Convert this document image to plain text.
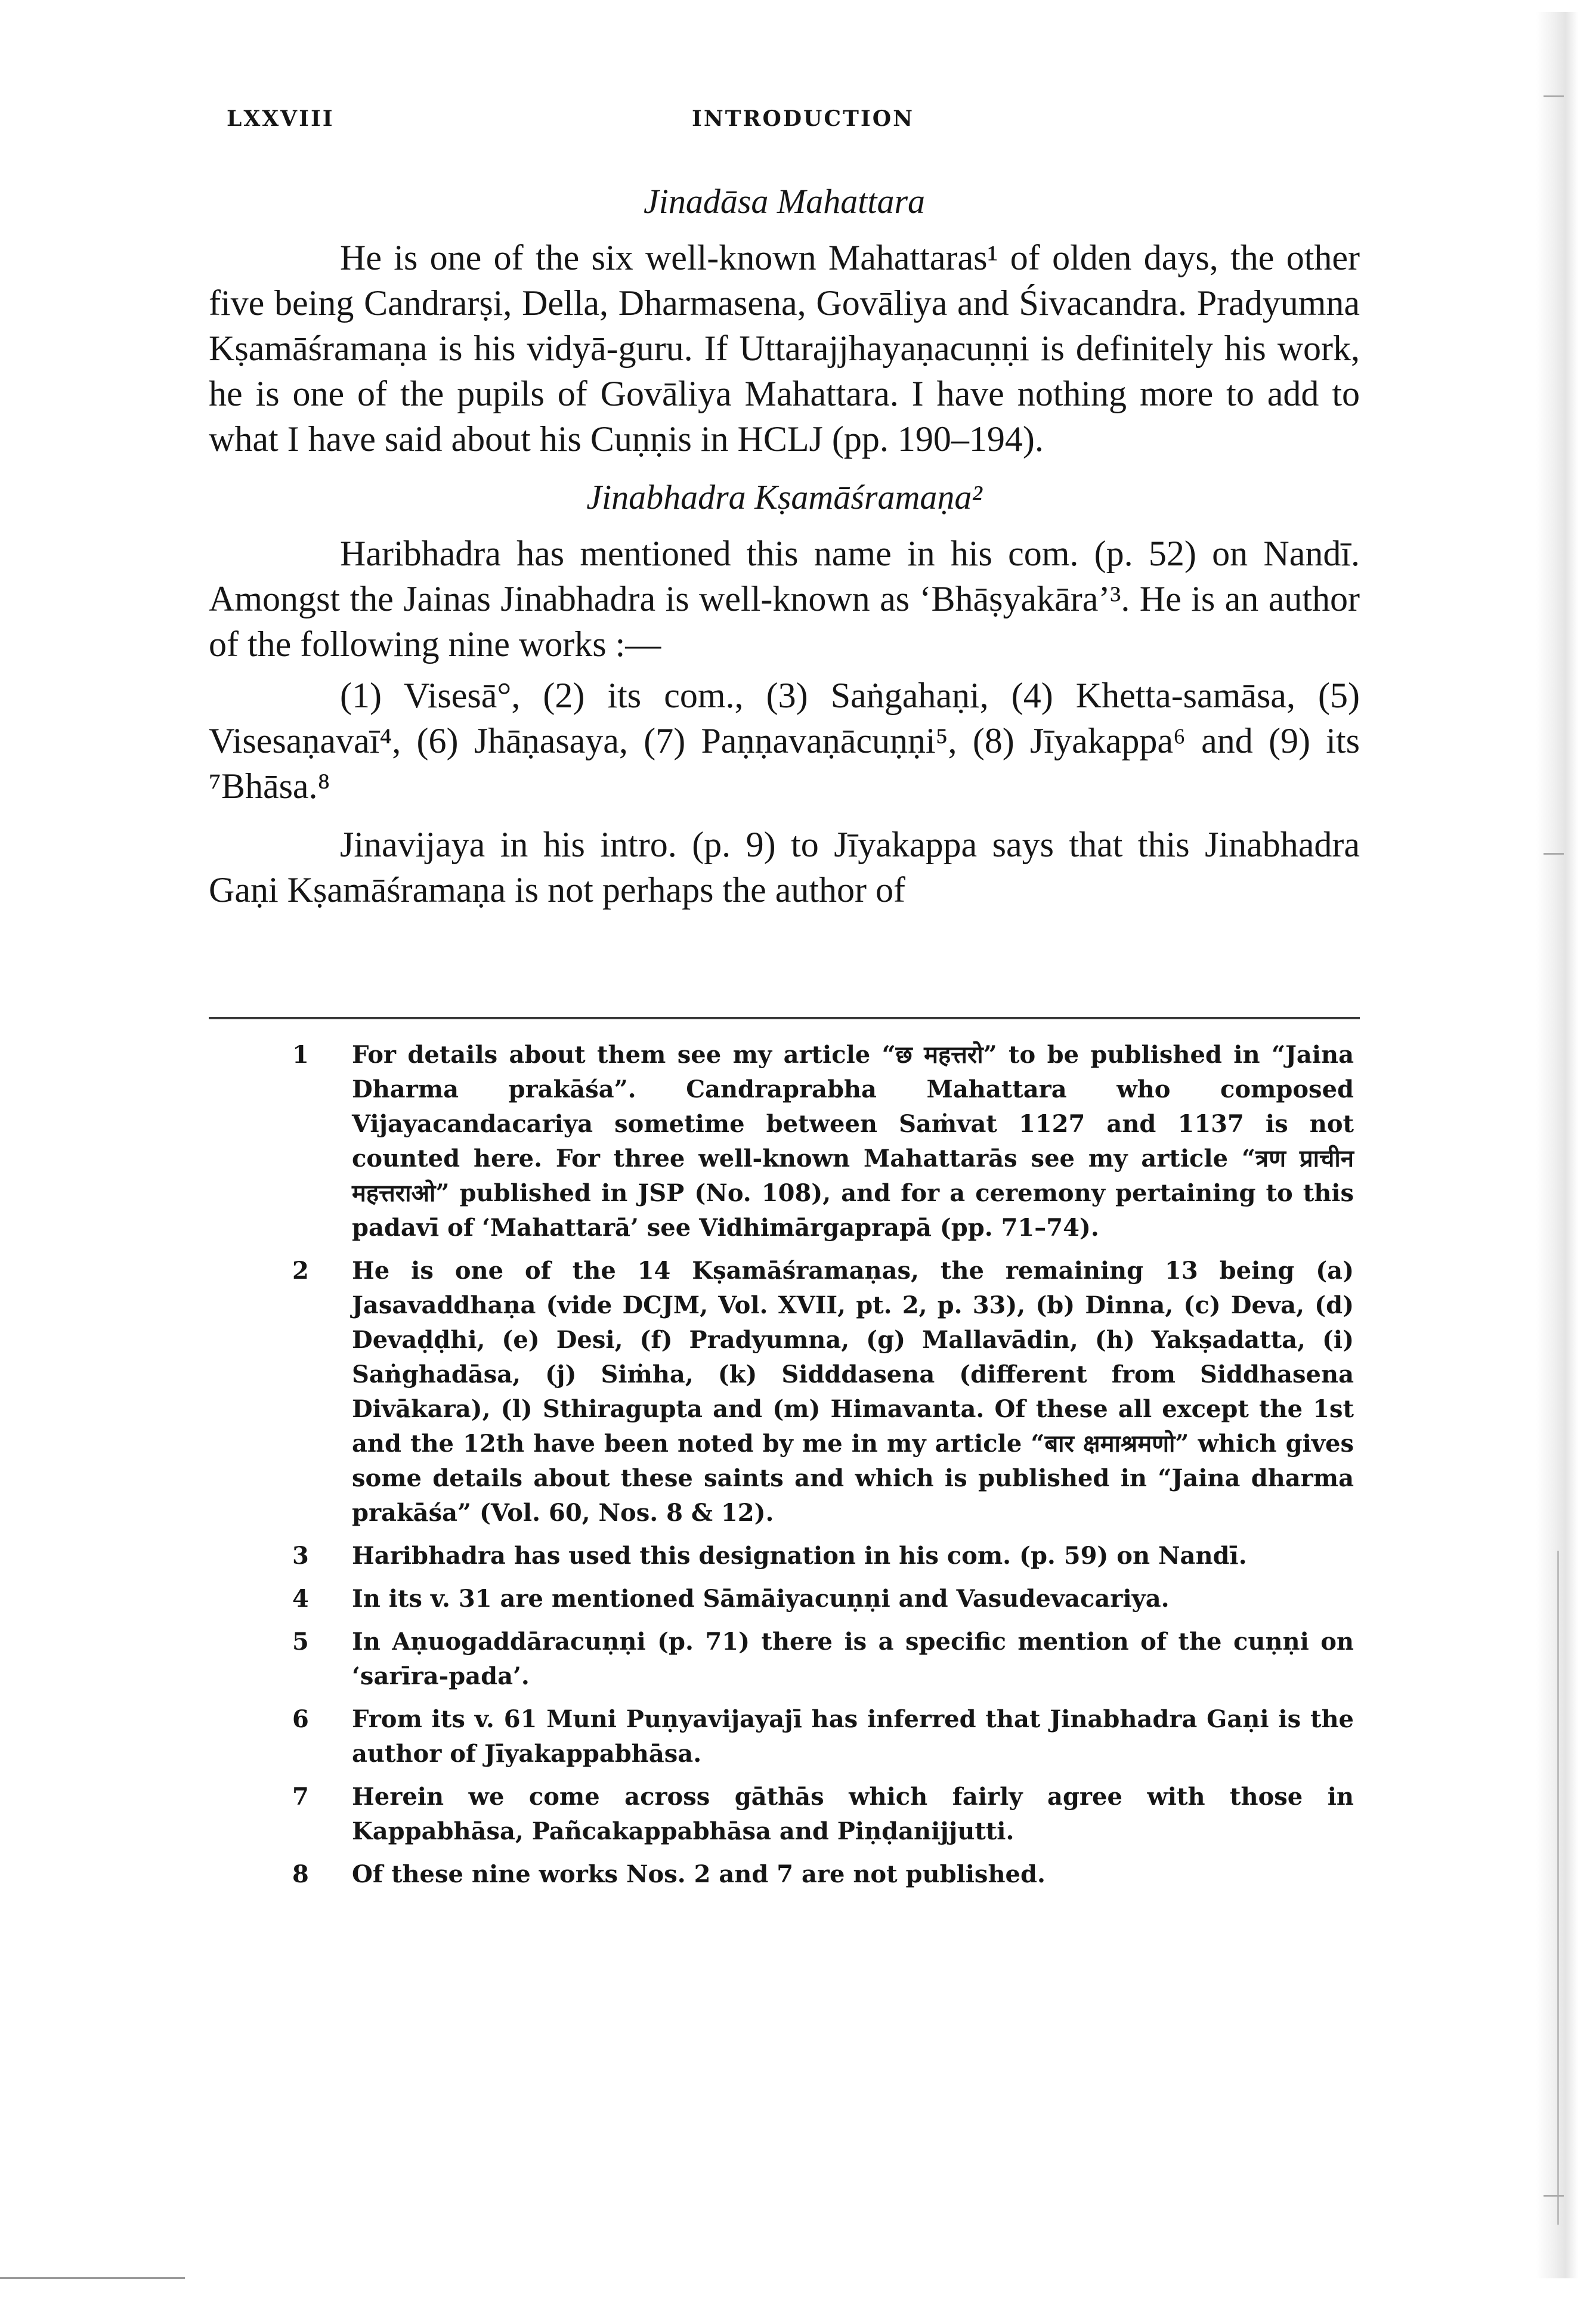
LXXVIII	INTRODUCTION
Jinadāsa Mahattara

He is one of the six well-known Mahattaras¹ of olden days, the other five being Candrarṣi, Della, Dharmasena, Govāliya and Śivacandra. Pradyumna Kṣamāśramaṇa is his vidyā-guru. If Uttarajjhayaṇacuṇṇi is definitely his work, he is one of the pupils of Govāliya Mahattara. I have nothing more to add to what I have said about his Cuṇṇis in HCLJ (pp. 190–194).

Jinabhadra Kṣamāśramaṇa²

Haribhadra has mentioned this name in his com. (p. 52) on Nandī. Amongst the Jainas Jinabhadra is well-known as ‘Bhāṣyakāra’³. He is an author of the following nine works :—

(1) Visesā°, (2) its com., (3) Saṅgahaṇi, (4) Khetta-samāsa, (5) Visesaṇavaī⁴, (6) Jhāṇasaya, (7) Paṇṇavaṇācuṇṇi⁵, (8) Jīyakappa⁶ and (9) its ⁷Bhāsa.⁸

Jinavijaya in his intro. (p. 9) to Jīyakappa says that this Jinabhadra Gaṇi Kṣamāśramaṇa is not perhaps the author of

1	For details about them see my article “छ महत्तरो” to be published in “Jaina Dharma prakāśa”. Candraprabha Mahattara who composed Vijayacandacariya sometime between Saṁvat 1127 and 1137 is not counted here. For three well-known Mahattarās see my article “त्रण प्राचीन महत्तराओ” published in JSP (No. 108), and for a ceremony pertaining to this padavī of ‘Mahattarā’ see Vidhimārgaprapā (pp. 71–74).
2	He is one of the 14 Kṣamāśramaṇas, the remaining 13 being (a) Jasavaddhaṇa (vide DCJM, Vol. XVII, pt. 2, p. 33), (b) Dinna, (c) Deva, (d) Devaḍḍhi, (e) Desi, (f) Pradyumna, (g) Mallavādin, (h) Yakṣadatta, (i) Saṅghadāsa, (j) Siṁha, (k) Sidddasena (different from Siddhasena Divākara), (l) Sthiragupta and (m) Himavanta. Of these all except the 1st and the 12th have been noted by me in my article “बार क्षमाश्रमणो” which gives some details about these saints and which is published in “Jaina dharma prakāśa” (Vol. 60, Nos. 8 & 12).
3	Haribhadra has used this designation in his com. (p. 59) on Nandī.
4	In its v. 31 are mentioned Sāmāiyacuṇṇi and Vasudevacariya.
5	In Aṇuogaddāracuṇṇi (p. 71) there is a specific mention of the cuṇṇi on ‘sarīra-pada’.
6	From its v. 61 Muni Puṇyavijayajī has inferred that Jinabhadra Gaṇi is the author of Jīyakappabhāsa.
7	Herein we come across gāthās which fairly agree with those in Kappabhāsa, Pañcakappabhāsa and Piṇḍanijjutti.
8	Of these nine works Nos. 2 and 7 are not published.
